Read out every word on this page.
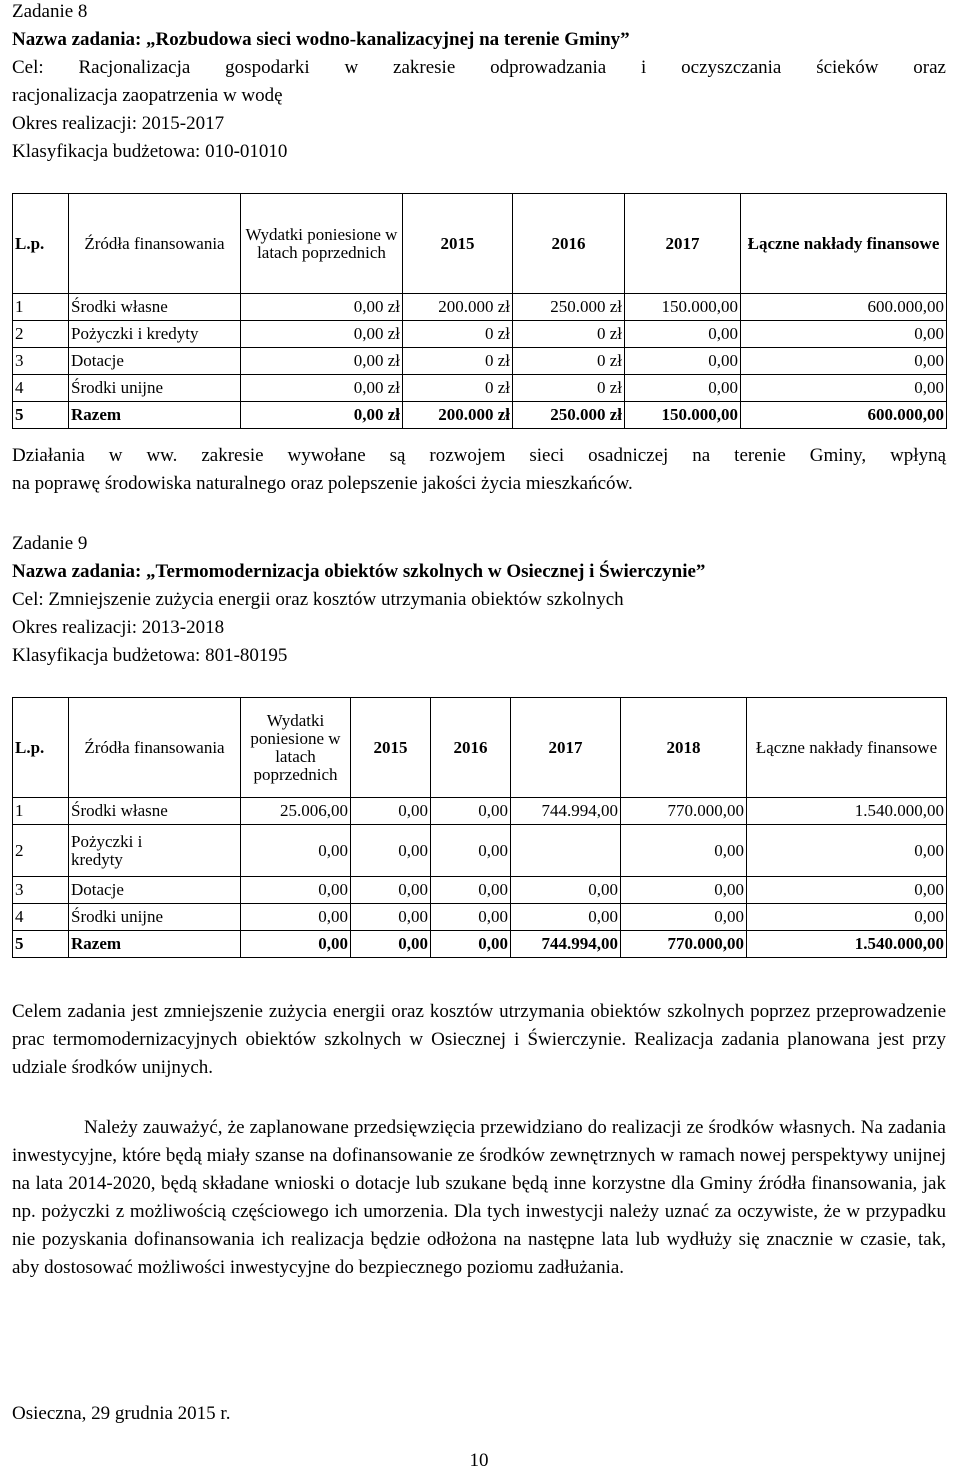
Zadanie 8
Nazwa zadania: „Rozbudowa sieci wodno-kanalizacyjnej na terenie Gminy”
Cel: Racjonalizacja gospodarki w zakresie odprowadzania i oczyszczania ścieków oraz
racjonalizacja zaopatrzenia w wodę
Okres realizacji: 2015-2017
Klasyfikacja budżetowa: 010-01010
L.p.	Źródła finansowania	Wydatki poniesione w latach poprzednich	2015	2016	2017	Łączne nakłady finansowe
1	Środki własne	0,00 zł	200.000 zł	250.000 zł	150.000,00	600.000,00
2	Pożyczki i kredyty	0,00 zł	0 zł	0 zł	0,00	0,00
3	Dotacje	0,00 zł	0 zł	0 zł	0,00	0,00
4	Środki unijne	0,00 zł	0 zł	0 zł	0,00	0,00
5	Razem	0,00 zł	200.000 zł	250.000 zł	150.000,00	600.000,00
Działania w ww. zakresie wywołane są rozwojem sieci osadniczej na terenie Gminy, wpłyną
na poprawę środowiska naturalnego oraz polepszenie jakości życia mieszkańców.
Zadanie 9
Nazwa zadania: „Termomodernizacja obiektów szkolnych w Osiecznej i Świerczynie”
Cel: Zmniejszenie zużycia energii oraz kosztów utrzymania obiektów szkolnych
Okres realizacji: 2013-2018
Klasyfikacja budżetowa: 801-80195
L.p.	Źródła finansowania	Wydatki poniesione w latach poprzednich	2015	2016	2017	2018	Łączne nakłady finansowe
1	Środki własne	25.006,00	0,00	0,00	744.994,00	770.000,00	1.540.000,00
2	Pożyczki i kredyty	0,00	0,00	0,00		0,00	0,00
3	Dotacje	0,00	0,00	0,00	0,00	0,00	0,00
4	Środki unijne	0,00	0,00	0,00	0,00	0,00	0,00
5	Razem	0,00	0,00	0,00	744.994,00	770.000,00	1.540.000,00
Celem zadania jest zmniejszenie zużycia energii oraz kosztów utrzymania obiektów szkolnych poprzez przeprowadzenie prac termomodernizacyjnych obiektów szkolnych w Osiecznej i Świerczynie. Realizacja zadania planowana jest przy udziale środków unijnych.
Należy zauważyć, że zaplanowane przedsięwzięcia przewidziano do realizacji ze środków własnych. Na zadania inwestycyjne, które będą miały szanse na dofinansowanie ze środków zewnętrznych w ramach nowej perspektywy unijnej na lata 2014-2020, będą składane wnioski o dotacje lub szukane będą inne korzystne dla Gminy źródła finansowania, jak np. pożyczki z możliwością częściowego ich umorzenia. Dla tych inwestycji należy uznać za oczywiste, że w przypadku nie pozyskania dofinansowania ich realizacja będzie odłożona na następne lata lub wydłuży się znacznie w czasie, tak, aby dostosować możliwości inwestycyjne do bezpiecznego poziomu zadłużania.
Osieczna, 29 grudnia 2015 r.
10
